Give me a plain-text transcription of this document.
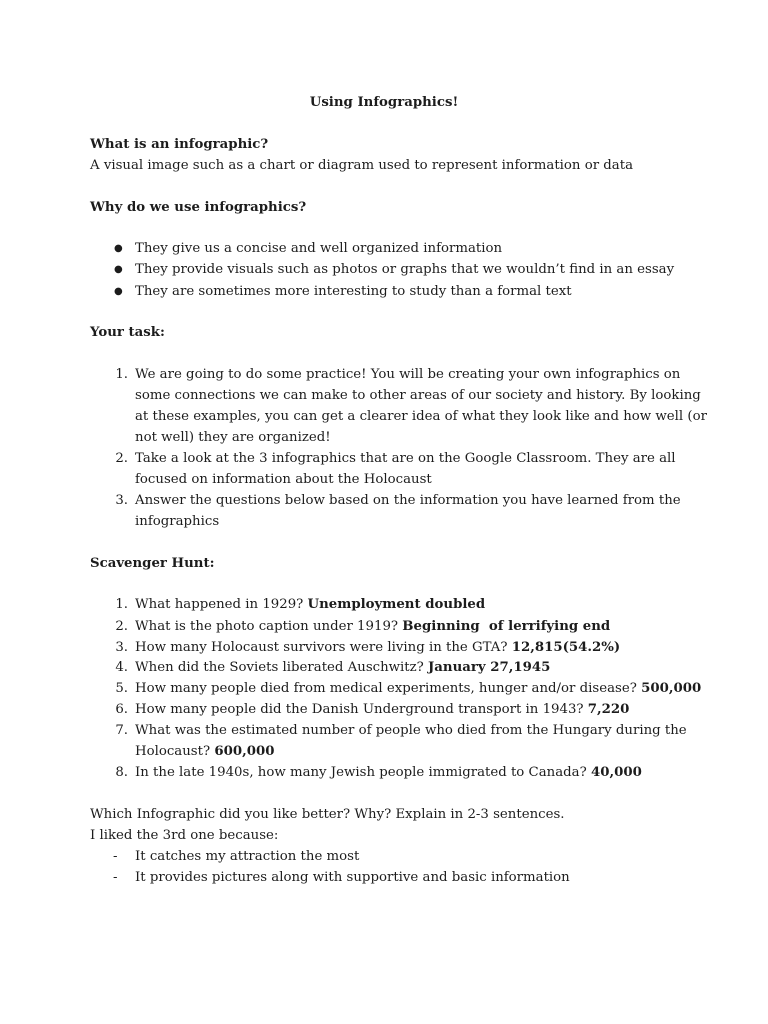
Using Infographics!
What is an infographic?
A visual image such as a chart or diagram used to represent information or data
Why do we use infographics?
● They give us a concise and well organized information
● They provide visuals such as photos or graphs that we wouldn’t find in an essay
● They are sometimes more interesting to study than a formal text
Your task:
1. We are going to do some practice! You will be creating your own infographics on
some connections we can make to other areas of our society and history. By looking
at these examples, you can get a clearer idea of what they look like and how well (or
not well) they are organized!
2. Take a look at the 3 infographics that are on the Google Classroom. They are all
focused on information about the Holocaust
3. Answer the questions below based on the information you have learned from the
infographics
Scavenger Hunt:
1. What happened in 1929? Unemployment doubled
2. What is the photo caption under 1919? Beginning  of lerrifying end
3. How many Holocaust survivors were living in the GTA? 12,815(54.2%)
4. When did the Soviets liberated Auschwitz? January 27,1945
5. How many people died from medical experiments, hunger and/or disease? 500,000
6. How many people did the Danish Underground transport in 1943? 7,220
7. What was the estimated number of people who died from the Hungary during the
Holocaust? 600,000
8. In the late 1940s, how many Jewish people immigrated to Canada? 40,000
Which Infographic did you like better? Why? Explain in 2-3 sentences.
I liked the 3rd one because:
- It catches my attraction the most
- It provides pictures along with supportive and basic information
